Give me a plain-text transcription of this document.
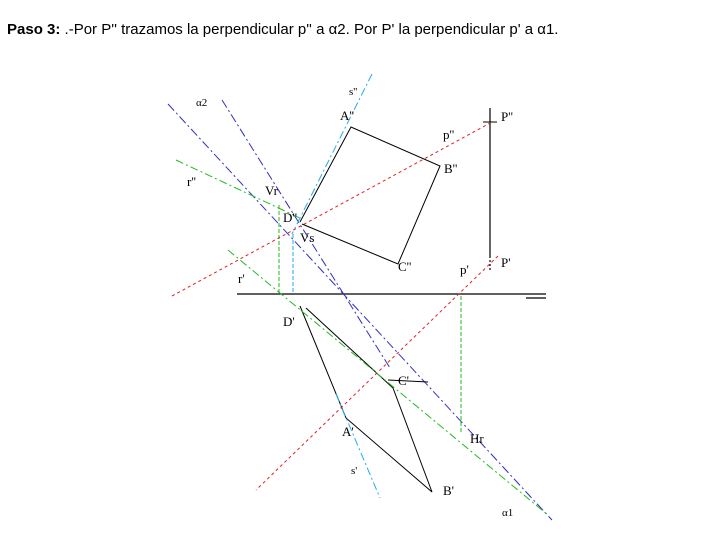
Paso 3: .-Por P'' trazamos la perpendicular p'' a α2. Por P' la perpendicular p' a α1.
α2
s''
A''	P''
p''
B''
r''
Vr
D''
Vs
r'
C''	p' P'
D'
C'
A'	Hr
s'
B'
α1
